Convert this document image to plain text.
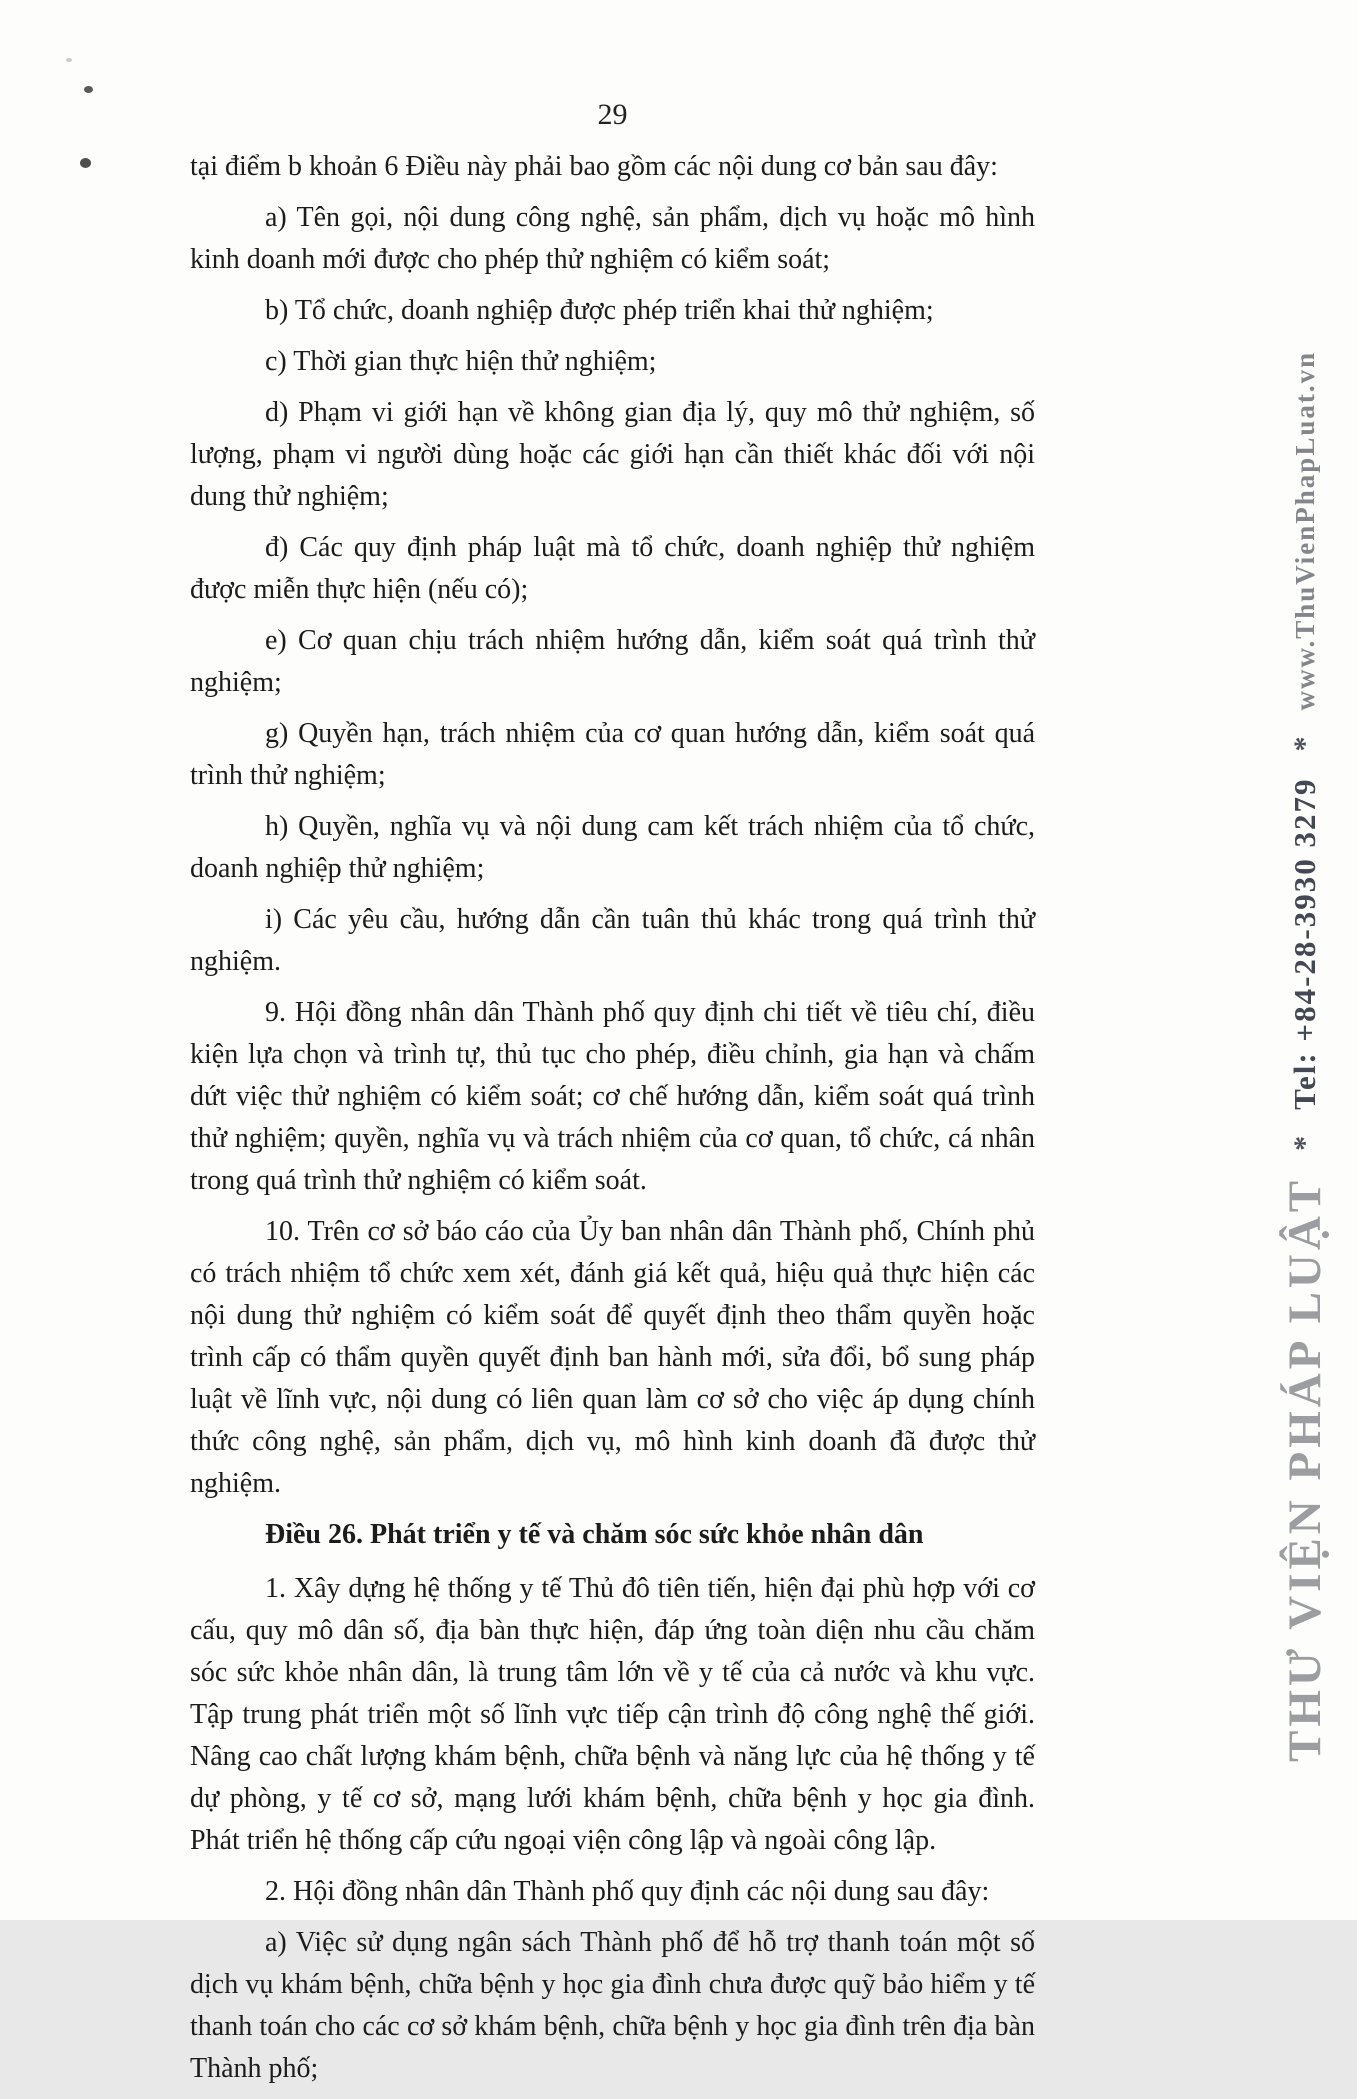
29

tại điểm b khoản 6 Điều này phải bao gồm các nội dung cơ bản sau đây:

a) Tên gọi, nội dung công nghệ, sản phẩm, dịch vụ hoặc mô hình kinh doanh mới được cho phép thử nghiệm có kiểm soát;

b) Tổ chức, doanh nghiệp được phép triển khai thử nghiệm;

c) Thời gian thực hiện thử nghiệm;

d) Phạm vi giới hạn về không gian địa lý, quy mô thử nghiệm, số lượng, phạm vi người dùng hoặc các giới hạn cần thiết khác đối với nội dung thử nghiệm;

đ) Các quy định pháp luật mà tổ chức, doanh nghiệp thử nghiệm được miễn thực hiện (nếu có);

e) Cơ quan chịu trách nhiệm hướng dẫn, kiểm soát quá trình thử nghiệm;

g) Quyền hạn, trách nhiệm của cơ quan hướng dẫn, kiểm soát quá trình thử nghiệm;

h) Quyền, nghĩa vụ và nội dung cam kết trách nhiệm của tổ chức, doanh nghiệp thử nghiệm;

i) Các yêu cầu, hướng dẫn cần tuân thủ khác trong quá trình thử nghiệm.

9. Hội đồng nhân dân Thành phố quy định chi tiết về tiêu chí, điều kiện lựa chọn và trình tự, thủ tục cho phép, điều chỉnh, gia hạn và chấm dứt việc thử nghiệm có kiểm soát; cơ chế hướng dẫn, kiểm soát quá trình thử nghiệm; quyền, nghĩa vụ và trách nhiệm của cơ quan, tổ chức, cá nhân trong quá trình thử nghiệm có kiểm soát.

10. Trên cơ sở báo cáo của Ủy ban nhân dân Thành phố, Chính phủ có trách nhiệm tổ chức xem xét, đánh giá kết quả, hiệu quả thực hiện các nội dung thử nghiệm có kiểm soát để quyết định theo thẩm quyền hoặc trình cấp có thẩm quyền quyết định ban hành mới, sửa đổi, bổ sung pháp luật về lĩnh vực, nội dung có liên quan làm cơ sở cho việc áp dụng chính thức công nghệ, sản phẩm, dịch vụ, mô hình kinh doanh đã được thử nghiệm.

Điều 26. Phát triển y tế và chăm sóc sức khỏe nhân dân

1. Xây dựng hệ thống y tế Thủ đô tiên tiến, hiện đại phù hợp với cơ cấu, quy mô dân số, địa bàn thực hiện, đáp ứng toàn diện nhu cầu chăm sóc sức khỏe nhân dân, là trung tâm lớn về y tế của cả nước và khu vực. Tập trung phát triển một số lĩnh vực tiếp cận trình độ công nghệ thế giới. Nâng cao chất lượng khám bệnh, chữa bệnh và năng lực của hệ thống y tế dự phòng, y tế cơ sở, mạng lưới khám bệnh, chữa bệnh y học gia đình. Phát triển hệ thống cấp cứu ngoại viện công lập và ngoài công lập.

2. Hội đồng nhân dân Thành phố quy định các nội dung sau đây:

a) Việc sử dụng ngân sách Thành phố để hỗ trợ thanh toán một số dịch vụ khám bệnh, chữa bệnh y học gia đình chưa được quỹ bảo hiểm y tế thanh toán cho các cơ sở khám bệnh, chữa bệnh y học gia đình trên địa bàn Thành phố;

THƯ VIỆN PHÁP LUẬT
*
Tel: +84-28-3930 3279
*
www.ThuVienPhapLuat.vn
